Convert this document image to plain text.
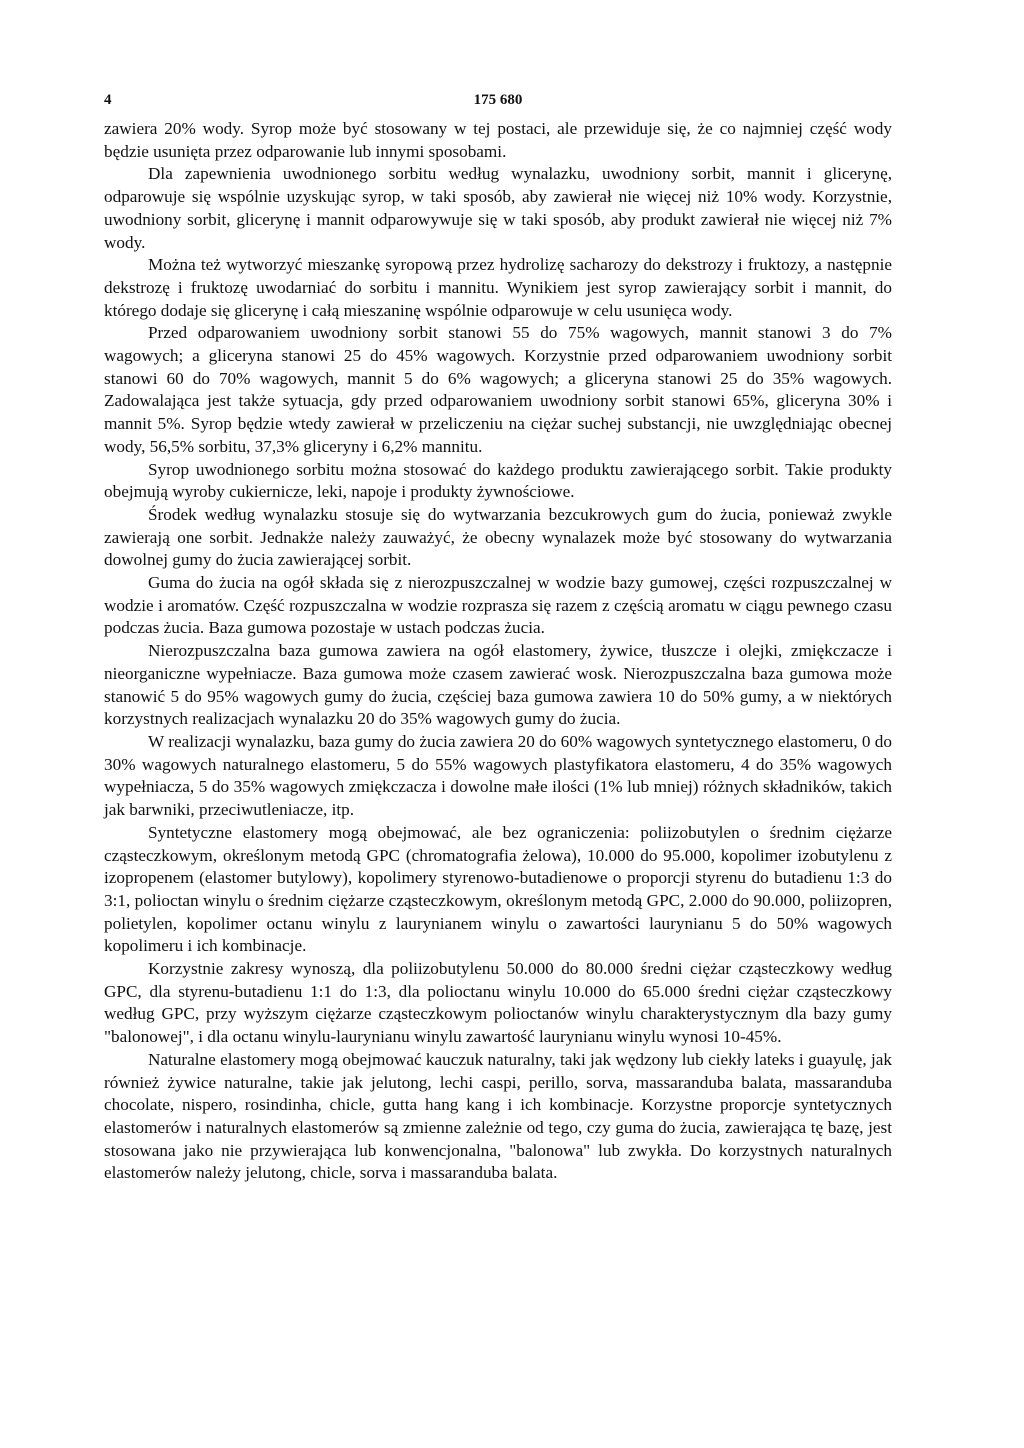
4	175 680

zawiera 20% wody. Syrop może być stosowany w tej postaci, ale przewiduje się, że co najmniej część wody będzie usunięta przez odparowanie lub innymi sposobami.

Dla zapewnienia uwodnionego sorbitu według wynalazku, uwodniony sorbit, mannit i glicerynę, odparowuje się wspólnie uzyskując syrop, w taki sposób, aby zawierał nie więcej niż 10% wody. Korzystnie, uwodniony sorbit, glicerynę i mannit odparowywuje się w taki sposób, aby produkt zawierał nie więcej niż 7% wody.

Można też wytworzyć mieszankę syropową przez hydrolizę sacharozy do dekstrozy i fruktozy, a następnie dekstrozę i fruktozę uwodarniać do sorbitu i mannitu. Wynikiem jest syrop zawierający sorbit i mannit, do którego dodaje się glicerynę i całą mieszaninę wspólnie odparowuje w celu usunięca wody.

Przed odparowaniem uwodniony sorbit stanowi 55 do 75% wagowych, mannit stanowi 3 do 7% wagowych; a gliceryna stanowi 25 do 45% wagowych. Korzystnie przed odparowaniem uwodniony sorbit stanowi 60 do 70% wagowych, mannit 5 do 6% wagowych; a gliceryna stanowi 25 do 35% wagowych. Zadowalająca jest także sytuacja, gdy przed odparowaniem uwodniony sorbit stanowi 65%, gliceryna 30% i mannit 5%. Syrop będzie wtedy zawierał w przeliczeniu na ciężar suchej substancji, nie uwzględniając obecnej wody, 56,5% sorbitu, 37,3% gliceryny i 6,2% mannitu.

Syrop uwodnionego sorbitu można stosować do każdego produktu zawierającego sorbit. Takie produkty obejmują wyroby cukiernicze, leki, napoje i produkty żywnościowe.

Środek według wynalazku stosuje się do wytwarzania bezcukrowych gum do żucia, ponieważ zwykle zawierają one sorbit. Jednakże należy zauważyć, że obecny wynalazek może być stosowany do wytwarzania dowolnej gumy do żucia zawierającej sorbit.

Guma do żucia na ogół składa się z nierozpuszczalnej w wodzie bazy gumowej, części rozpuszczalnej w wodzie i aromatów. Część rozpuszczalna w wodzie rozprasza się razem z częścią aromatu w ciągu pewnego czasu podczas żucia. Baza gumowa pozostaje w ustach podczas żucia.

Nierozpuszczalna baza gumowa zawiera na ogół elastomery, żywice, tłuszcze i olejki, zmiękczacze i nieorganiczne wypełniacze. Baza gumowa może czasem zawierać wosk. Nierozpuszczalna baza gumowa może stanowić 5 do 95% wagowych gumy do żucia, częściej baza gumowa zawiera 10 do 50% gumy, a w niektórych korzystnych realizacjach wynalazku 20 do 35% wagowych gumy do żucia.

W realizacji wynalazku, baza gumy do żucia zawiera 20 do 60% wagowych syntetycznego elastomeru, 0 do 30% wagowych naturalnego elastomeru, 5 do 55% wagowych plastyfikatora elastomeru, 4 do 35% wagowych wypełniacza, 5 do 35% wagowych zmiękczacza i dowolne małe ilości (1% lub mniej) różnych składników, takich jak barwniki, przeciwutleniacze, itp.

Syntetyczne elastomery mogą obejmować, ale bez ograniczenia: poliizobutylen o średnim ciężarze cząsteczkowym, określonym metodą GPC (chromatografia żelowa), 10.000 do 95.000, kopolimer izobutylenu z izopropenem (elastomer butylowy), kopolimery styrenowo-butadienowe o proporcji styrenu do butadienu 1:3 do 3:1, polioctan winylu o średnim ciężarze cząsteczkowym, określonym metodą GPC, 2.000 do 90.000, poliizopren, polietylen, kopolimer octanu winylu z laurynianem winylu o zawartości laurynianu 5 do 50% wagowych kopolimeru i ich kombinacje.

Korzystnie zakresy wynoszą, dla poliizobutylenu 50.000 do 80.000 średni ciężar cząsteczkowy według GPC, dla styrenu-butadienu 1:1 do 1:3, dla polioctanu winylu 10.000 do 65.000 średni ciężar cząsteczkowy według GPC, przy wyższym ciężarze cząsteczkowym polioctanów winylu charakterystycznym dla bazy gumy "balonowej", i dla octanu winylu-laurynianu winylu zawartość laurynianu winylu wynosi 10-45%.

Naturalne elastomery mogą obejmować kauczuk naturalny, taki jak wędzony lub ciekły lateks i guayulę, jak również żywice naturalne, takie jak jelutong, lechi caspi, perillo, sorva, massaranduba balata, massaranduba chocolate, nispero, rosindinha, chicle, gutta hang kang i ich kombinacje. Korzystne proporcje syntetycznych elastomerów i naturalnych elastomerów są zmienne zależnie od tego, czy guma do żucia, zawierająca tę bazę, jest stosowana jako nie przywierająca lub konwencjonalna, "balonowa" lub zwykła. Do korzystnych naturalnych elastomerów należy jelutong, chicle, sorva i massaranduba balata.
